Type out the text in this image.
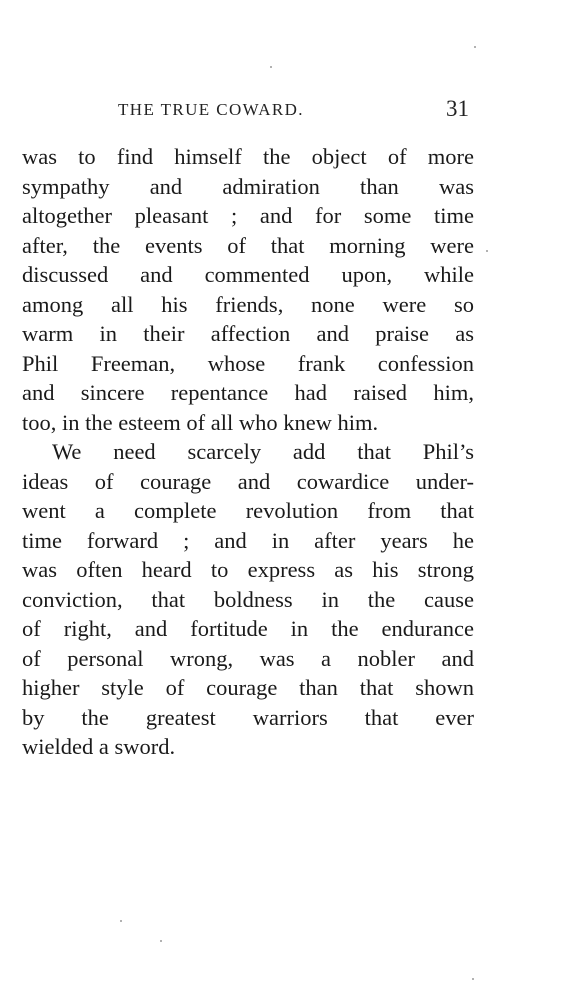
THE TRUE COWARD.	31
was to find himself the object of more
sympathy and admiration than was
altogether pleasant ; and for some time
after, the events of that morning were
discussed and commented upon, while
among all his friends, none were so
warm in their affection and praise as
Phil Freeman, whose frank confession
and sincere repentance had raised him,
too, in the esteem of all who knew him.
We need scarcely add that Phil’s
ideas of courage and cowardice under-
went a complete revolution from that
time forward ; and in after years he
was often heard to express as his strong
conviction, that boldness in the cause
of right, and fortitude in the endurance
of personal wrong, was a nobler and
higher style of courage than that shown
by the greatest warriors that ever
wielded a sword.
